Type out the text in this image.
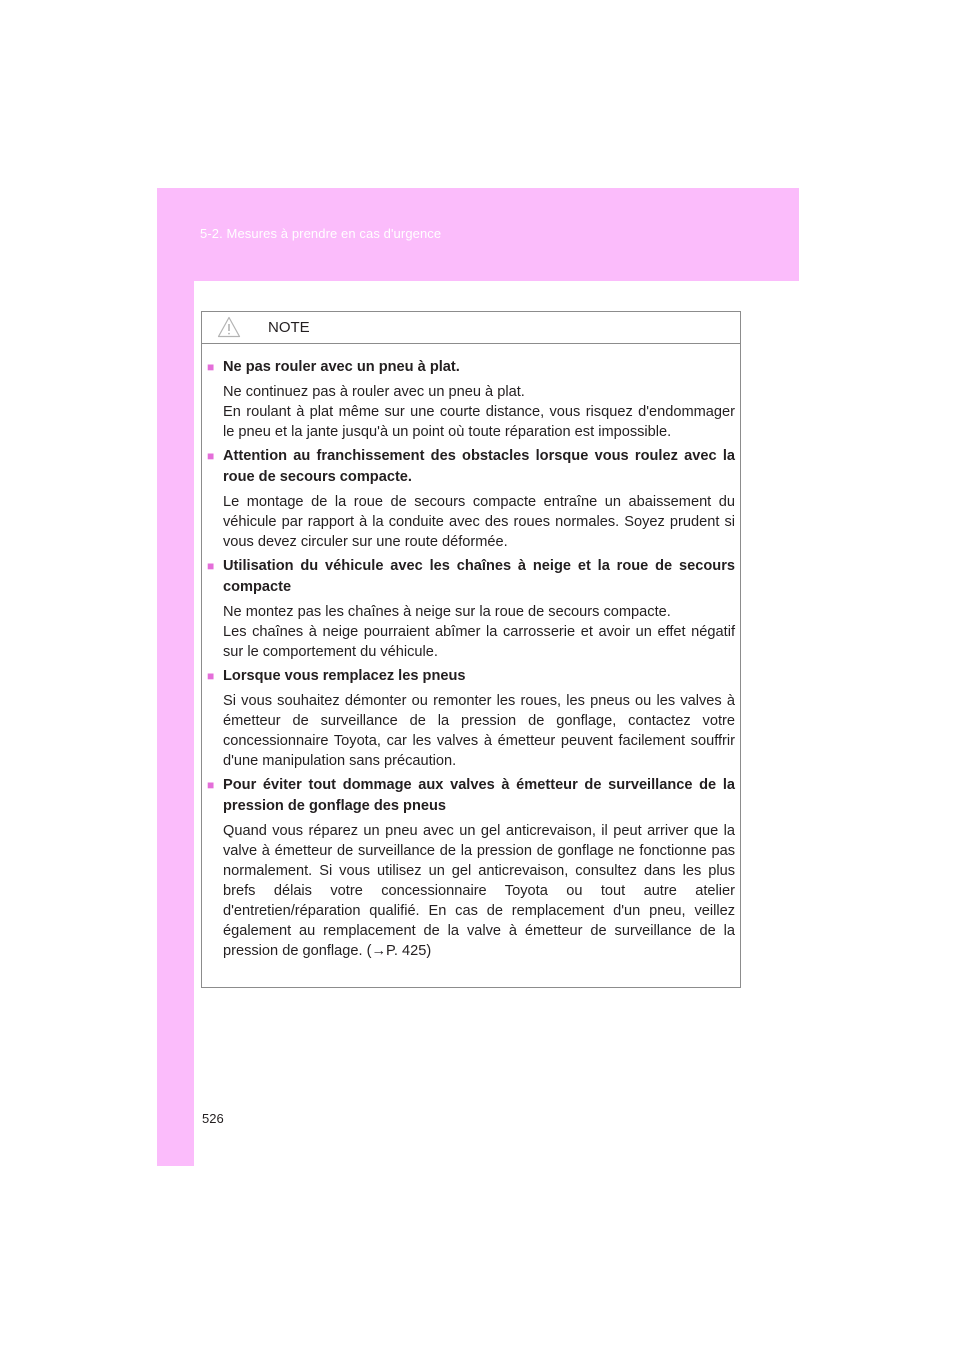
5-2. Mesures à prendre en cas d'urgence
NOTE
■ Ne pas rouler avec un pneu à plat.
Ne continuez pas à rouler avec un pneu à plat.
En roulant à plat même sur une courte distance, vous risquez d'endommager le pneu et la jante jusqu'à un point où toute réparation est impossible.
■ Attention au franchissement des obstacles lorsque vous roulez avec la roue de secours compacte.
Le montage de la roue de secours compacte entraîne un abaissement du véhicule par rapport à la conduite avec des roues normales. Soyez prudent si vous devez circuler sur une route déformée.
■ Utilisation du véhicule avec les chaînes à neige et la roue de secours compacte
Ne montez pas les chaînes à neige sur la roue de secours compacte.
Les chaînes à neige pourraient abîmer la carrosserie et avoir un effet négatif sur le comportement du véhicule.
■ Lorsque vous remplacez les pneus
Si vous souhaitez démonter ou remonter les roues, les pneus ou les valves à émetteur de surveillance de la pression de gonflage, contactez votre concessionnaire Toyota, car les valves à émetteur peuvent facilement souffrir d'une manipulation sans précaution.
■ Pour éviter tout dommage aux valves à émetteur de surveillance de la pression de gonflage des pneus
Quand vous réparez un pneu avec un gel anticrevaison, il peut arriver que la valve à émetteur de surveillance de la pression de gonflage ne fonctionne pas normalement. Si vous utilisez un gel anticrevaison, consultez dans les plus brefs délais votre concessionnaire Toyota ou tout autre atelier d'entretien/réparation qualifié. En cas de remplacement d'un pneu, veillez également au remplacement de la valve à émetteur de surveillance de la pression de gonflage. (→P. 425)
526
